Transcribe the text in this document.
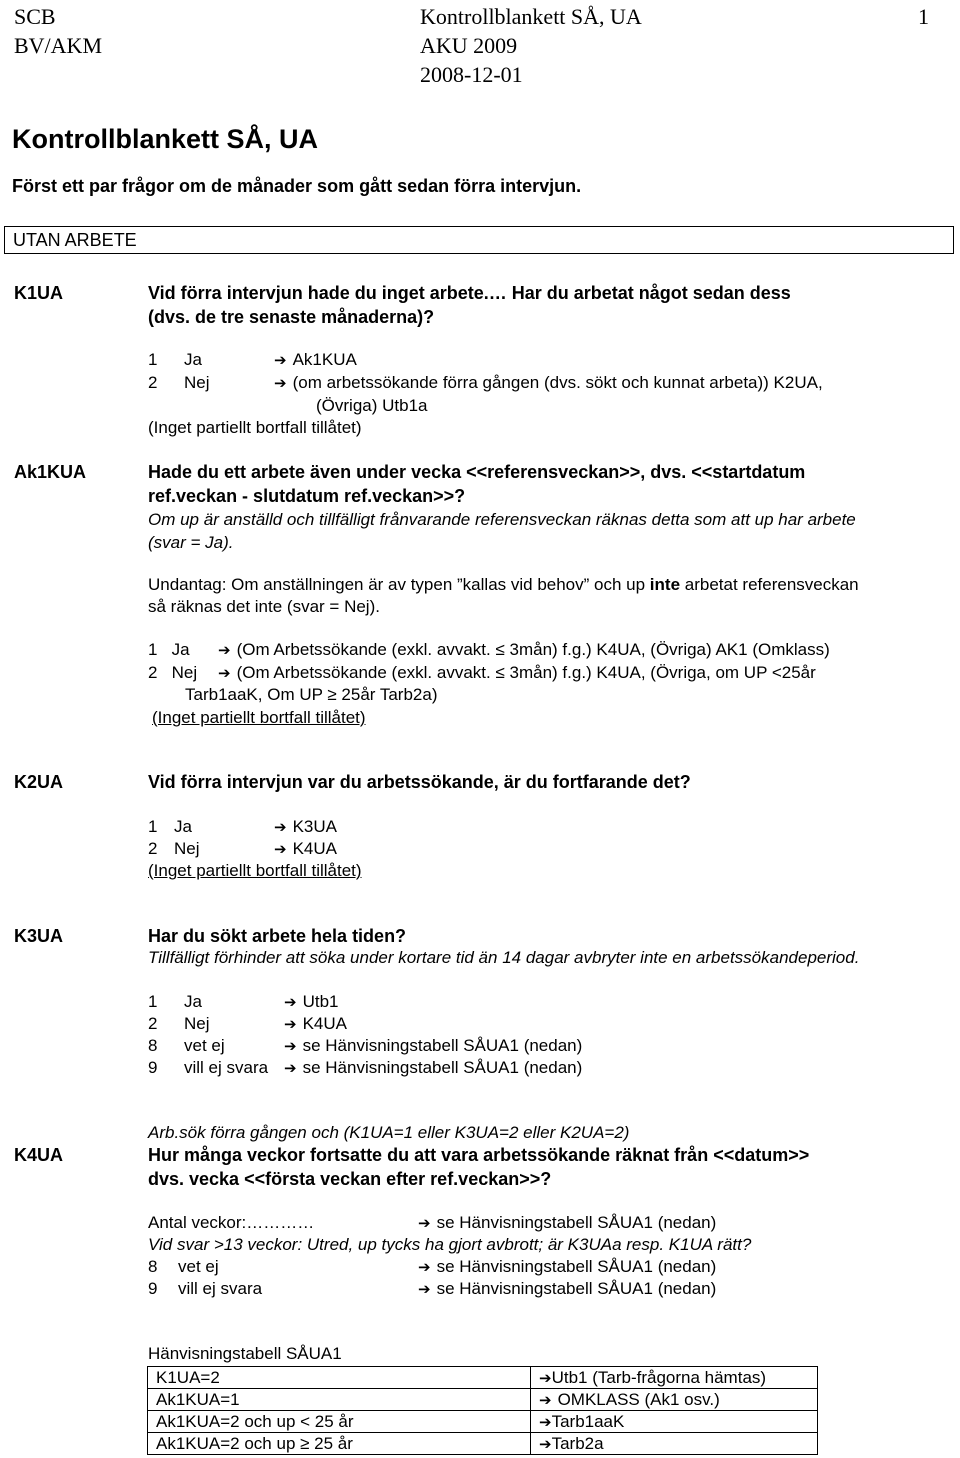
SCB
BV/AKM
Kontrollblankett SÅ, UA
AKU 2009
2008-12-01
1
Kontrollblankett SÅ, UA
Först ett par frågor om de månader som gått sedan förra intervjun.
UTAN ARBETE
K1UA	Vid förra intervjun hade du inget arbete.… Har du arbetat något sedan dess
(dvs. de tre senaste månaderna)?
1 Ja	➔ Ak1KUA
2 Nej	➔ (om arbetssökande förra gången (dvs. sökt och kunnat arbeta)) K2UA,
(Övriga) Utb1a
(Inget partiellt bortfall tillåtet)
Ak1KUA	Hade du ett arbete även under vecka <<referensveckan>>, dvs. <<startdatum
ref.veckan - slutdatum ref.veckan>>?
Om up är anställd och tillfälligt frånvarande referensveckan räknas detta som att up har arbete
(svar = Ja).
Undantag: Om anställningen är av typen ”kallas vid behov” och up inte arbetat referensveckan
så räknas det inte (svar = Nej).
1   Ja ➔ (Om Arbetssökande (exkl. avvakt. ≤ 3mån) f.g.) K4UA, (Övriga) AK1 (Omklass)
2   Nej ➔ (Om Arbetssökande (exkl. avvakt. ≤ 3mån) f.g.) K4UA, (Övriga, om UP <25år
Tarb1aaK, Om UP ≥ 25år Tarb2a)
(Inget partiellt bortfall tillåtet)
K2UA	Vid förra intervjun var du arbetssökande, är du fortfarande det?
1 Ja	➔ K3UA
2 Nej	➔ K4UA
(Inget partiellt bortfall tillåtet)
K3UA	Har du sökt arbete hela tiden?
Tillfälligt förhinder att söka under kortare tid än 14 dagar avbryter inte en arbetssökandeperiod.
1 Ja	➔ Utb1
2 Nej	➔ K4UA
8 vet ej	➔ se Hänvisningstabell SÅUA1 (nedan)
9 vill ej svara ➔ se Hänvisningstabell SÅUA1 (nedan)
Arb.sök förra gången och (K1UA=1 eller K3UA=2 eller K2UA=2)
K4UA	Hur många veckor fortsatte du att vara arbetssökande räknat från <<datum>>
dvs. vecka <<första veckan efter ref.veckan>>?
Antal veckor:…………	➔ se Hänvisningstabell SÅUA1 (nedan)
Vid svar >13 veckor: Utred, up tycks ha gjort avbrott; är K3UAa resp. K1UA rätt?
8 vet ej	➔ se Hänvisningstabell SÅUA1 (nedan)
9 vill ej svara	➔ se Hänvisningstabell SÅUA1 (nedan)
Hänvisningstabell SÅUA1
K1UA=2	➔Utb1 (Tarb-frågorna hämtas)
Ak1KUA=1	➔ OMKLASS (Ak1 osv.)
Ak1KUA=2 och up < 25 år	➔Tarb1aaK
Ak1KUA=2 och up ≥ 25 år	➔Tarb2a
